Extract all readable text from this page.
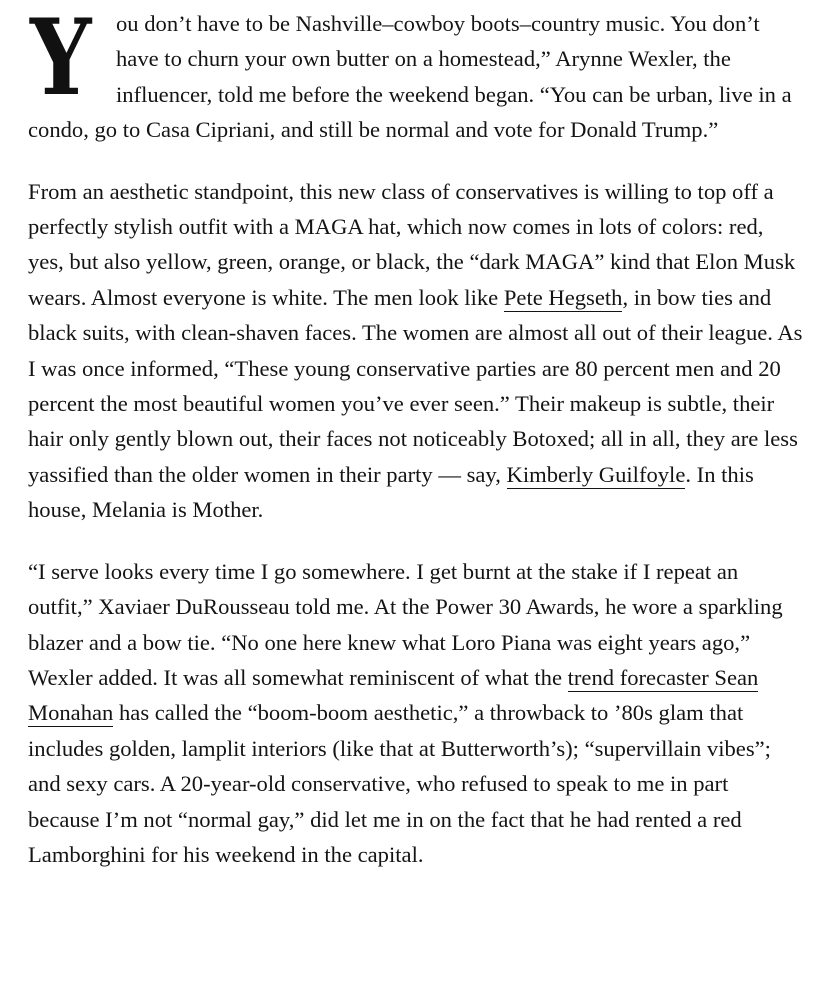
Y ou don’t have to be Nashville–cowboy boots–country music. You don’t have to churn your own butter on a homestead,” Arynne Wexler, the influencer, told me before the weekend began. “You can be urban, live in a condo, go to Casa Cipriani, and still be normal and vote for Donald Trump.”

From an aesthetic standpoint, this new class of conservatives is willing to top off a perfectly stylish outfit with a MAGA hat, which now comes in lots of colors: red, yes, but also yellow, green, orange, or black, the “dark MAGA” kind that Elon Musk wears. Almost everyone is white. The men look like Pete Hegseth, in bow ties and black suits, with clean-shaven faces. The women are almost all out of their league. As I was once informed, “These young conservative parties are 80 percent men and 20 percent the most beautiful women you’ve ever seen.” Their makeup is subtle, their hair only gently blown out, their faces not noticeably Botoxed; all in all, they are less yassified than the older women in their party — say, Kimberly Guilfoyle. In this house, Melania is Mother.

“I serve looks every time I go somewhere. I get burnt at the stake if I repeat an outfit,” Xaviaer DuRousseau told me. At the Power 30 Awards, he wore a sparkling blazer and a bow tie. “No one here knew what Loro Piana was eight years ago,” Wexler added. It was all somewhat reminiscent of what the trend forecaster Sean Monahan has called the “boom-boom aesthetic,” a throwback to ’80s glam that includes golden, lamplit interiors (like that at Butterworth’s); “supervillain vibes”; and sexy cars. A 20-year-old conservative, who refused to speak to me in part because I’m not “normal gay,” did let me in on the fact that he had rented a red Lamborghini for his weekend in the capital.
